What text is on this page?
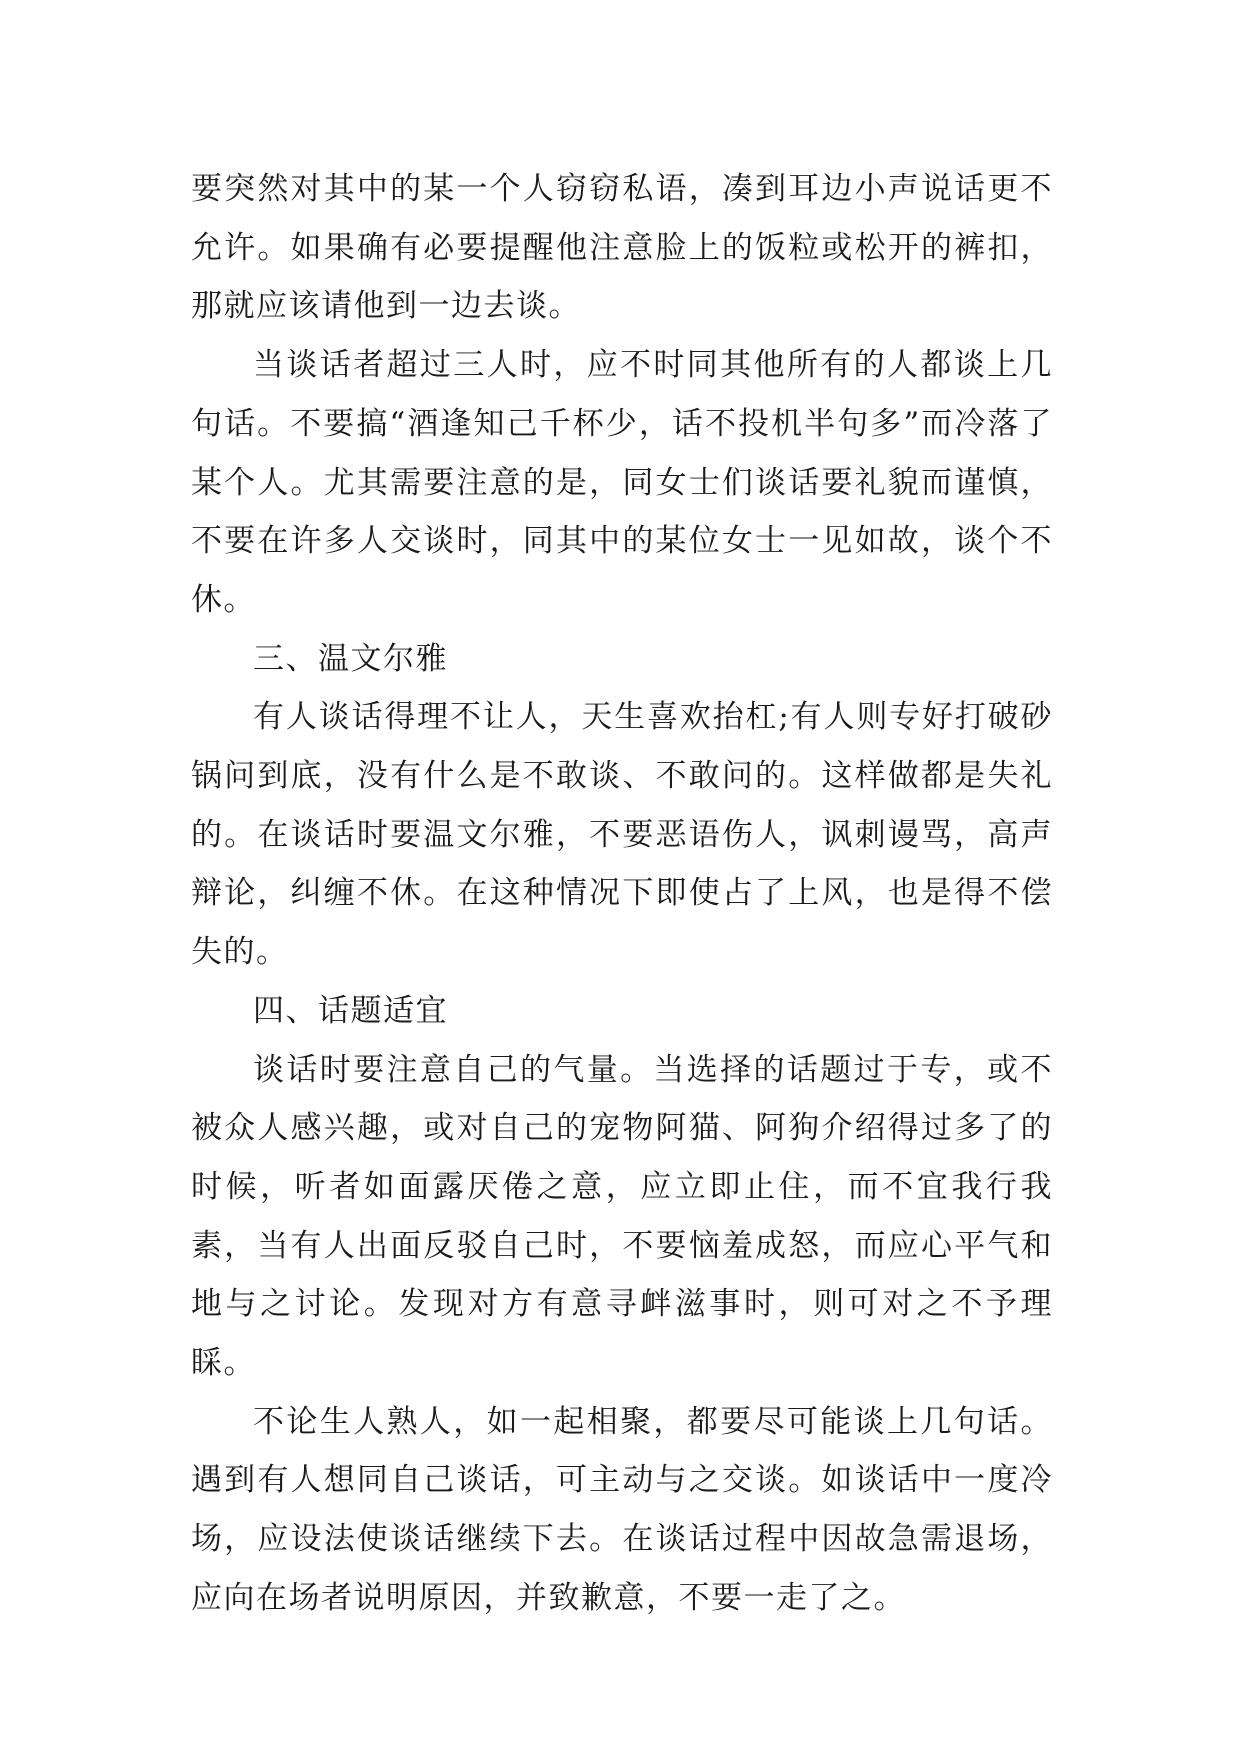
要突然对其中的某一个人窃窃私语，凑到耳边小声说话更不允许。如果确有必要提醒他注意脸上的饭粒或松开的裤扣，那就应该请他到一边去谈。

当谈话者超过三人时，应不时同其他所有的人都谈上几句话。不要搞“酒逢知己千杯少，话不投机半句多”而冷落了某个人。尤其需要注意的是，同女士们谈话要礼貌而谨慎，不要在许多人交谈时，同其中的某位女士一见如故，谈个不休。

三、温文尔雅

有人谈话得理不让人，天生喜欢抬杠;有人则专好打破砂锅问到底，没有什么是不敢谈、不敢问的。这样做都是失礼的。在谈话时要温文尔雅，不要恶语伤人，讽刺谩骂，高声辩论，纠缠不休。在这种情况下即使占了上风，也是得不偿失的。

四、话题适宜

谈话时要注意自己的气量。当选择的话题过于专，或不被众人感兴趣，或对自己的宠物阿猫、阿狗介绍得过多了的时候，听者如面露厌倦之意，应立即止住，而不宜我行我素，当有人出面反驳自己时，不要恼羞成怒，而应心平气和地与之讨论。发现对方有意寻衅滋事时，则可对之不予理睬。

不论生人熟人，如一起相聚，都要尽可能谈上几句话。遇到有人想同自己谈话，可主动与之交谈。如谈话中一度冷场，应设法使谈话继续下去。在谈话过程中因故急需退场，应向在场者说明原因，并致歉意，不要一走了之。
